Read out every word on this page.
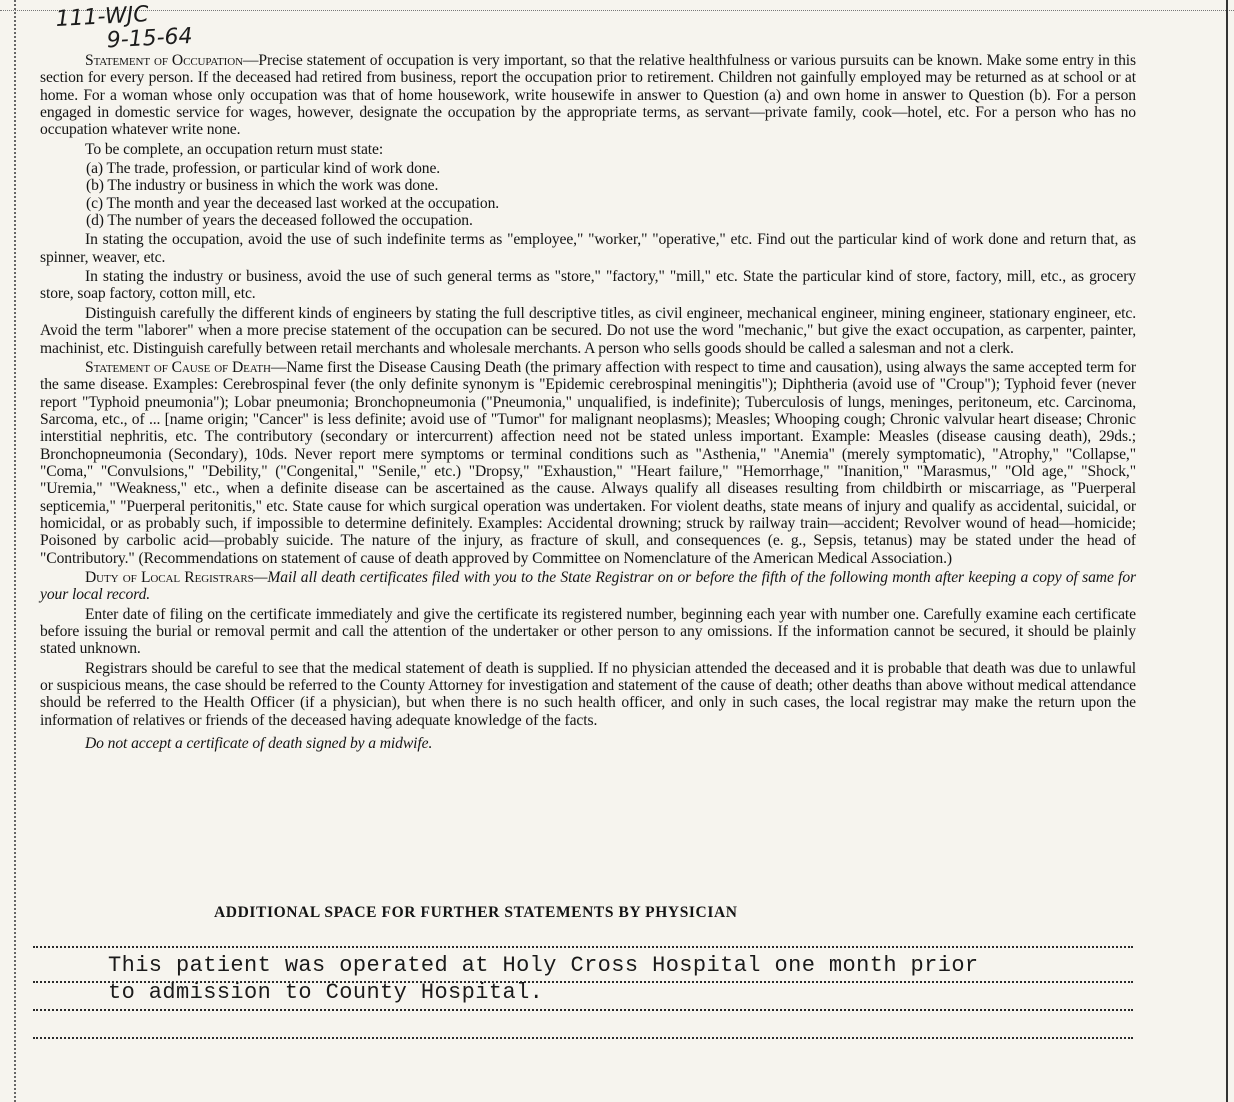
111-WJC
9-15-64

Statement of Occupation—Precise statement of occupation is very important, so that the relative healthfulness or various pursuits can be known. Make some entry in this section for every person. If the deceased had retired from business, report the occupation prior to retirement. Children not gainfully employed may be returned as at school or at home. For a woman whose only occupation was that of home housework, write housewife in answer to Question (a) and own home in answer to Question (b). For a person engaged in domestic service for wages, however, designate the occupation by the appropriate terms, as servant—private family, cook—hotel, etc. For a person who has no occupation whatever write none.

To be complete, an occupation return must state:

(a) The trade, profession, or particular kind of work done.
(b) The industry or business in which the work was done.
(c) The month and year the deceased last worked at the occupation.
(d) The number of years the deceased followed the occupation.

In stating the occupation, avoid the use of such indefinite terms as "employee," "worker," "operative," etc. Find out the particular kind of work done and return that, as spinner, weaver, etc.

In stating the industry or business, avoid the use of such general terms as "store," "factory," "mill," etc. State the particular kind of store, factory, mill, etc., as grocery store, soap factory, cotton mill, etc.

Distinguish carefully the different kinds of engineers by stating the full descriptive titles, as civil engineer, mechanical engineer, mining engineer, stationary engineer, etc. Avoid the term "laborer" when a more precise statement of the occupation can be secured. Do not use the word "mechanic," but give the exact occupation, as carpenter, painter, machinist, etc. Distinguish carefully between retail merchants and wholesale merchants. A person who sells goods should be called a salesman and not a clerk.

Statement of Cause of Death—Name first the Disease Causing Death (the primary affection with respect to time and causation), using always the same accepted term for the same disease. Examples: Cerebrospinal fever (the only definite synonym is "Epidemic cerebrospinal meningitis"); Diphtheria (avoid use of "Croup"); Typhoid fever (never report "Typhoid pneumonia"); Lobar pneumonia; Bronchopneumonia ("Pneumonia," unqualified, is indefinite); Tuberculosis of lungs, meninges, peritoneum, etc. Carcinoma, Sarcoma, etc., of ... [name origin; "Cancer" is less definite; avoid use of "Tumor" for malignant neoplasms); Measles; Whooping cough; Chronic valvular heart disease; Chronic interstitial nephritis, etc. The contributory (secondary or intercurrent) affection need not be stated unless important. Example: Measles (disease causing death), 29ds.; Bronchopneumonia (Secondary), 10ds. Never report mere symptoms or terminal conditions such as "Asthenia," "Anemia" (merely symptomatic), "Atrophy," "Collapse," "Coma," "Convulsions," "Debility," ("Congenital," "Senile," etc.) "Dropsy," "Exhaustion," "Heart failure," "Hemorrhage," "Inanition," "Marasmus," "Old age," "Shock," "Uremia," "Weakness," etc., when a definite disease can be ascertained as the cause. Always qualify all diseases resulting from childbirth or miscarriage, as "Puerperal septicemia," "Puerperal peritonitis," etc. State cause for which surgical operation was undertaken. For violent deaths, state means of injury and qualify as accidental, suicidal, or homicidal, or as probably such, if impossible to determine definitely. Examples: Accidental drowning; struck by railway train—accident; Revolver wound of head—homicide; Poisoned by carbolic acid—probably suicide. The nature of the injury, as fracture of skull, and consequences (e. g., Sepsis, tetanus) may be stated under the head of "Contributory." (Recommendations on statement of cause of death approved by Committee on Nomenclature of the American Medical Association.)

Duty of Local Registrars—Mail all death certificates filed with you to the State Registrar on or before the fifth of the following month after keeping a copy of same for your local record.

Enter date of filing on the certificate immediately and give the certificate its registered number, beginning each year with number one. Carefully examine each certificate before issuing the burial or removal permit and call the attention of the undertaker or other person to any omissions. If the information cannot be secured, it should be plainly stated unknown.

Registrars should be careful to see that the medical statement of death is supplied. If no physician attended the deceased and it is probable that death was due to unlawful or suspicious means, the case should be referred to the County Attorney for investigation and statement of the cause of death; other deaths than above without medical attendance should be referred to the Health Officer (if a physician), but when there is no such health officer, and only in such cases, the local registrar may make the return upon the information of relatives or friends of the deceased having adequate knowledge of the facts.

Do not accept a certificate of death signed by a midwife.

ADDITIONAL SPACE FOR FURTHER STATEMENTS BY PHYSICIAN
This patient was operated at Holy Cross Hospital one month prior
to admission to County Hospital.
